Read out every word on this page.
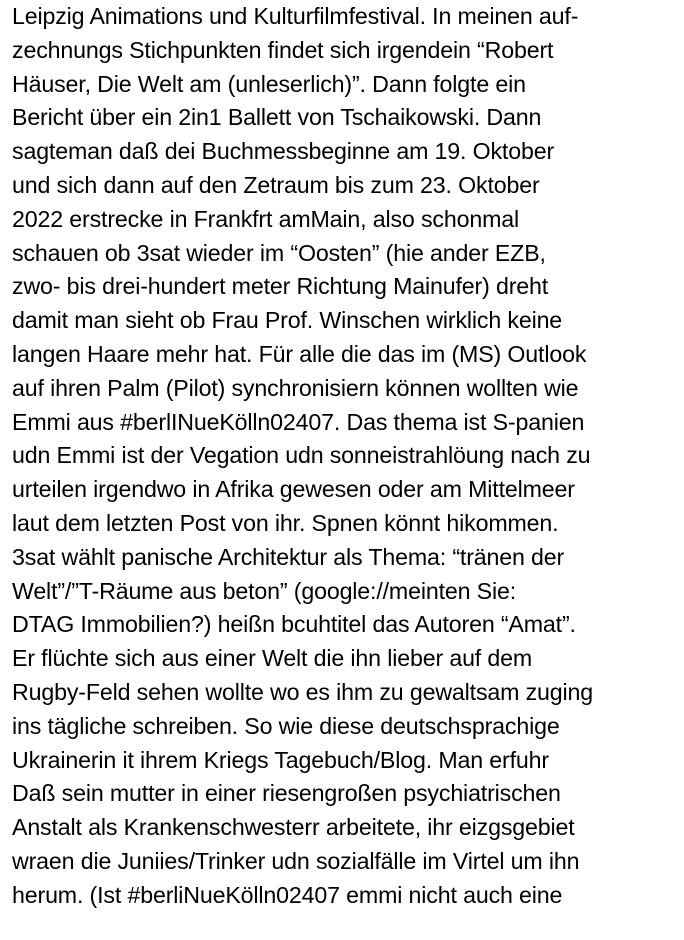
Leipzig Animations und Kulturfilmfestival. In meinen auf-
zechnungs Stichpunkten findet sich irgendein “Robert
Häuser, Die Welt am (unleserlich)”. Dann folgte ein
Bericht über ein 2in1 Ballett von Tschaikowski. Dann
sagteman daß dei Buchmessbeginne am 19. Oktober
und sich dann auf den Zetraum bis zum 23. Oktober
2022 erstrecke in Frankfrt amMain, also schonmal
schauen ob 3sat wieder im “Oosten” (hie ander EZB,
zwo- bis drei-hundert meter Richtung Mainufer) dreht
damit man sieht ob Frau Prof. Winschen wirklich keine
langen Haare mehr hat. Für alle die das im (MS) Outlook
auf ihren Palm (Pilot) synchronisiern können wollten wie
Emmi aus #berlINueKölln02407. Das thema ist S-panien
udn Emmi ist der Vegation udn sonneistrahlöung nach zu
urteilen irgendwo in Afrika gewesen oder am Mittelmeer
laut dem letzten Post von ihr. Spnen könnt hikommen.
3sat wählt panische Architektur als Thema: “tränen der
Welt”/”T-Räume aus beton” (google://meinten Sie:
DTAG Immobilien?) heißn bcuhtitel das Autoren “Amat”.
Er flüchte sich aus einer Welt die ihn lieber auf dem
Rugby-Feld sehen wollte wo es ihm zu gewaltsam zuging
ins tägliche schreiben. So wie diese deutschsprachige
Ukrainerin it ihrem Kriegs Tagebuch/Blog. Man erfuhr
Daß sein mutter in einer riesengroßen psychiatrischen
Anstalt als Krankenschwesterr arbeitete, ihr eizgsgebiet
wraen die Juniies/Trinker udn sozialfälle im Virtel um ihn
herum. (Ist #berliNueKölln02407 emmi nicht auch eine
